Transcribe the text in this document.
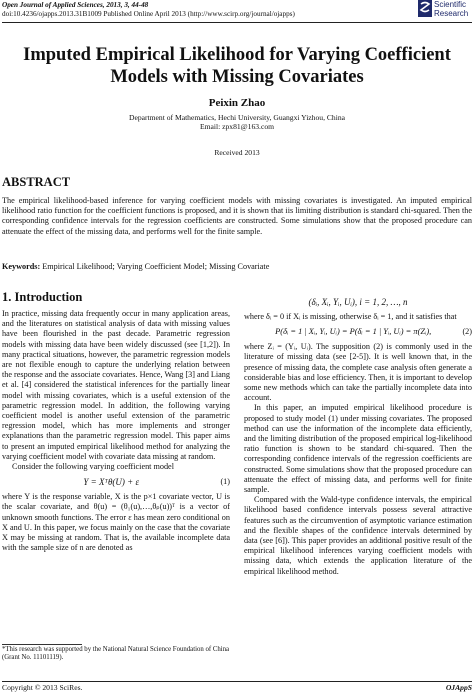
Open Journal of Applied Sciences, 2013, 3, 44-48
doi:10.4236/ojapps.2013.31B1009 Published Online April 2013 (http://www.scirp.org/journal/ojapps)
Scientific
Research
Imputed Empirical Likelihood for Varying Coefficient
Models with Missing Covariates
Peixin Zhao
Department of Mathematics, Hechi University, Guangxi Yizhou, China
Email: zpx81@163.com
Received 2013
ABSTRACT
The empirical likelihood-based inference for varying coefficient models with missing covariates is investigated. An imputed empirical likelihood ratio function for the coefficient functions is proposed, and it is shown that iis limiting distribution is standard chi-squared. Then the corresponding confidence intervals for the regression coefficients are constructed. Some simulations show that the proposed procedure can attenuate the effect of the missing data, and performs well for the finite sample.
Keywords: Empirical Likelihood; Varying Coefficient Model; Missing Covariate
1. Introduction

In practice, missing data frequently occur in many application areas, and the literatures on statistical analysis of data with missing values have been flourished in the past decade. Parametric regression models with missing data have been widely discussed (see [1,2]). In many practical situations, however, the parametric regression models are not flexible enough to capture the underlying relation between the response and the associate covariates. Hence, Wang [3] and Liang et al. [4] considered the statistical inferences for the partially linear model with missing covariates, which is a useful extension of the parametric regression model. In addition, the following varying coefficient model is another useful extension of the parametric regression model, which has more implements and stronger explanations than the parametric regression model. This paper aims to present an imputed empirical likelihood method for analyzing the varying coefficient model with covariate data missing at random.

Consider the following varying coefficient model

Y = Xᵀθ(U) + ε	(1)

where Y is the response variable, X is the p×1 covariate vector, U is the scalar covariate, and θ(u) = (θ₁(u),…,θₚ(u))ᵀ is a vector of unknown smooth functions. The error ε has mean zero conditional on X and U. In this paper, we focus mainly on the case that the covariate X may be missing at random. That is, the available incomplete data with the sample size of n are denoted as

(δᵢ, Xᵢ, Yᵢ, Uᵢ), i = 1, 2, …, n

where δᵢ = 0 if Xᵢ is missing, otherwise δᵢ = 1, and it satisfies that

P(δᵢ = 1 | Xᵢ, Yᵢ, Uᵢ) = P(δᵢ = 1 | Yᵢ, Uᵢ) = π(Zᵢ),	(2)

where Zᵢ = (Yᵢ, Uᵢ). The supposition (2) is commonly used in the literature of missing data (see [2-5]). It is well known that, in the presence of missing data, the complete case analysis often generate a considerable bias and lose efficiency. Then, it is important to develop some new methods which can take the partially incomplete data into account.

In this paper, an imputed empirical likelihood procedure is proposed to study model (1) under missing covariates. The proposed method can use the information of the incomplete data efficiently, and the limiting distribution of the proposed empirical log-likelihood ratio function is shown to be standard chi-squared. Then the corresponding confidence intervals of the regression coefficients are constructed. Some simulations show that the proposed procedure can attenuate the effect of missing data, and performs well for finite sample.

Compared with the Wald-type confidence intervals, the empirical likelihood based confidence intervals possess several attractive features such as the circumvention of asymptotic variance estimation and the flexible shapes of the confidence intervals determined by data (see [6]). This paper provides an additional positive result of the empirical likelihood inferences varying coefficient models with missing data, which extends the application literature of the empirical likelihood method.

*This research was supported by the National Natural Science Foundation of China (Grant No. 11101119).
Copyright © 2013 SciRes.	OJAppS
